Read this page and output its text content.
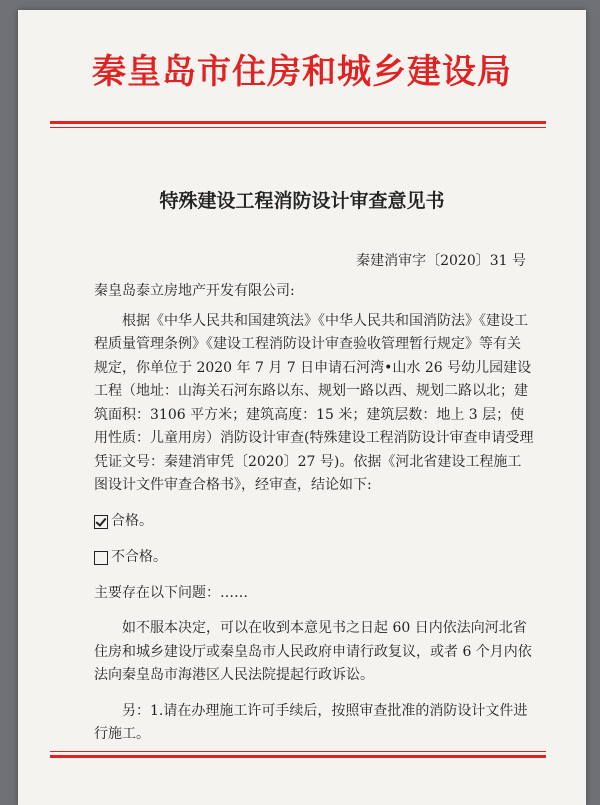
秦皇岛市住房和城乡建设局
特殊建设工程消防设计审查意见书
秦建消审字〔2020〕31 号

秦皇岛泰立房地产开发有限公司:

根据《中华人民共和国建筑法》《中华人民共和国消防法》《建设工程质量管理条例》《建设工程消防设计审查验收管理暂行规定》等有关规定，你单位于 2020 年 7 月 7 日申请石河湾•山水 26 号幼儿园建设工程（地址：山海关石河东路以东、规划一路以西、规划二路以北；建筑面积：3106 平方米；建筑高度：15 米；建筑层数：地上 3 层；使用性质：儿童用房）消防设计审查(特殊建设工程消防设计审查申请受理凭证文号：秦建消审凭〔2020〕27 号)。依据《河北省建设工程施工图设计文件审查合格书》，经审查，结论如下:

合格。
不合格。

主要存在以下问题：……

如不服本决定，可以在收到本意见书之日起 60 日内依法向河北省住房和城乡建设厅或秦皇岛市人民政府申请行政复议，或者 6 个月内依法向秦皇岛市海港区人民法院提起行政诉讼。

另：1.请在办理施工许可手续后，按照审查批准的消防设计文件进行施工。
